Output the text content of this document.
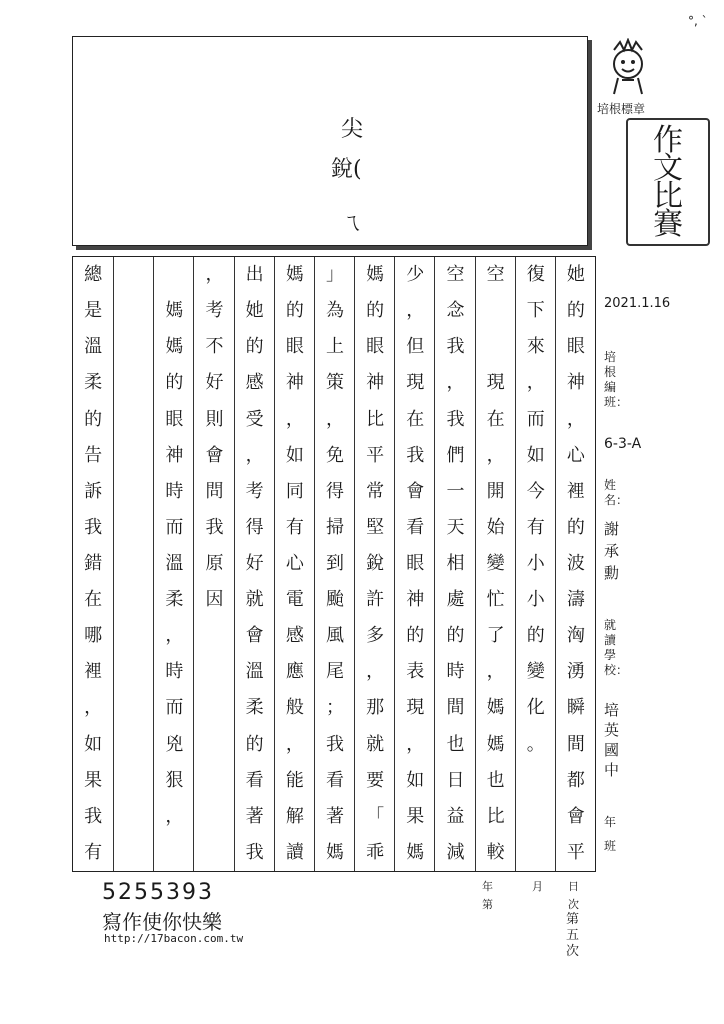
°, `
尖
銳(
ㄟ
培根標章
作
文
比
賽
2021.1.16
培根編班：
6-3-A
姓名：
謝承勳
就讀學校：
培英國中
年　班
她
的
眼
神
，
心
裡
的
波
濤
洶
湧
瞬
間
都
會
平
復
下
來
，
而
如
今
有
小
小
的
變
化
。
空
現
在
，
開
始
變
忙
了
，
媽
媽
也
比
較
空
念
我
，
我
們
一
天
相
處
的
時
間
也
日
益
減
少
，
但
現
在
我
會
看
眼
神
的
表
現
，
如
果
媽
媽
的
眼
神
比
平
常
堅
銳
許
多
，
那
就
要
「
乖
」
為
上
策
，
免
得
掃
到
颱
風
尾
；
我
看
著
媽
媽
的
眼
神
，
如
同
有
心
電
感
應
般
，
能
解
讀
出
她
的
感
受
，
考
得
好
就
會
溫
柔
的
看
著
我
，
考
不
好
則
會
問
我
原
因
媽
媽
的
眼
神
時
而
溫
柔
，
時
而
兇
狠
，
總
是
溫
柔
的
告
訴
我
錯
在
哪
裡
，
如
果
我
有
年	月 日
第	次
第五次
5255393
寫作使你快樂
http://17bacon.com.tw
